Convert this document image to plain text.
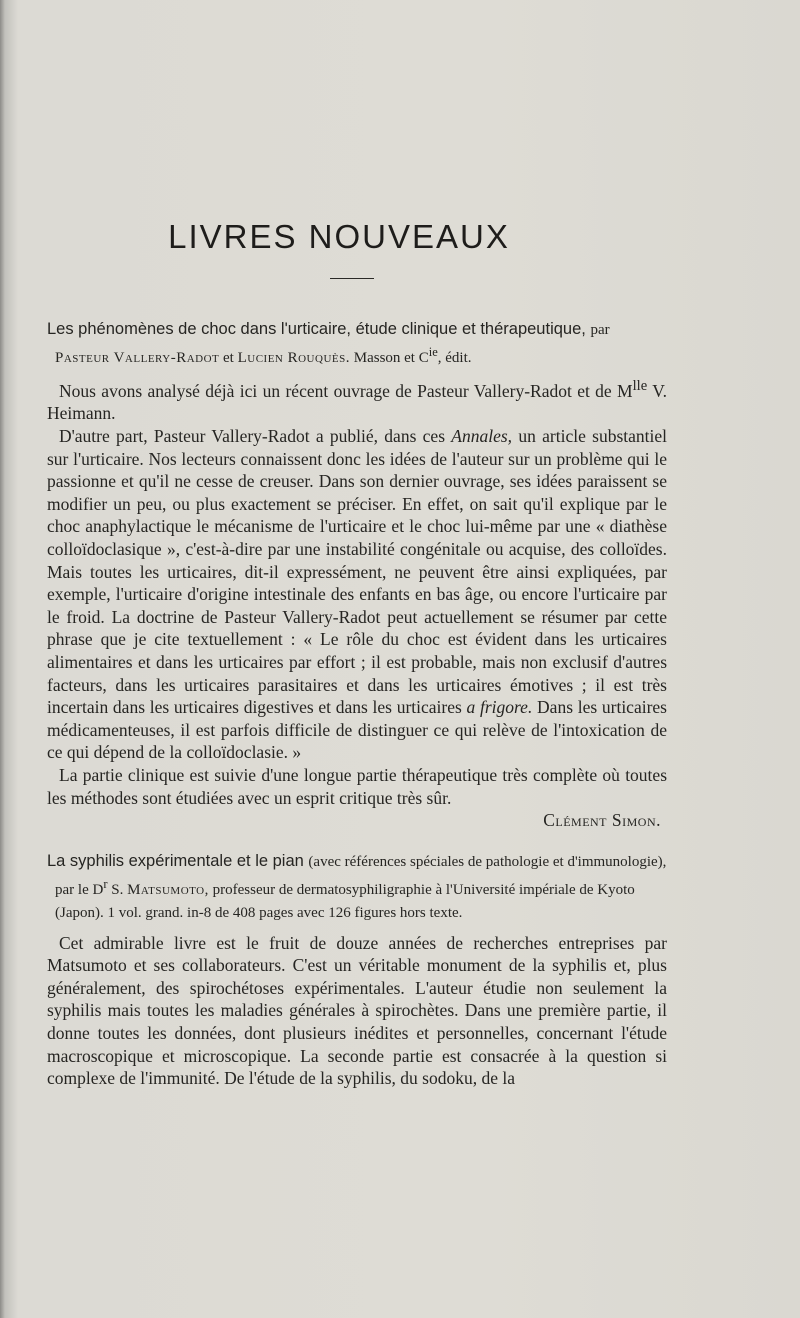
LIVRES NOUVEAUX
Les phénomènes de choc dans l'urticaire, étude clinique et thérapeutique, par Pasteur Vallery-Radot et Lucien Rouquès. Masson et $C^{ie}$, édit.

Nous avons analysé déjà ici un récent ouvrage de Pasteur Vallery-Radot et de $M^{lle}$ V. Heimann.

D'autre part, Pasteur Vallery-Radot a publié, dans ces Annales, un article substantiel sur l'urticaire. Nos lecteurs connaissent donc les idées de l'auteur sur un problème qui le passionne et qu'il ne cesse de creuser. Dans son dernier ouvrage, ses idées paraissent se modifier un peu, ou plus exactement se préciser. En effet, on sait qu'il explique par le choc anaphylactique le mécanisme de l'urticaire et le choc lui-même par une « diathèse colloïdoclasique », c'est-à-dire par une instabilité congénitale ou acquise, des colloïdes. Mais toutes les urticaires, dit-il expressément, ne peuvent être ainsi expliquées, par exemple, l'urticaire d'origine intestinale des enfants en bas âge, ou encore l'urticaire par le froid. La doctrine de Pasteur Vallery-Radot peut actuellement se résumer par cette phrase que je cite textuellement : « Le rôle du choc est évident dans les urticaires alimentaires et dans les urticaires par effort ; il est probable, mais non exclusif d'autres facteurs, dans les urticaires parasitaires et dans les urticaires émotives ; il est très incertain dans les urticaires digestives et dans les urticaires a frigore. Dans les urticaires médicamenteuses, il est parfois difficile de distinguer ce qui relève de l'intoxication de ce qui dépend de la colloïdoclasie. »

La partie clinique est suivie d'une longue partie thérapeutique très complète où toutes les méthodes sont étudiées avec un esprit critique très sûr.

Clément Simon.
La syphilis expérimentale et le pian (avec références spéciales de pathologie et d'immunologie), par le $D^r$ S. Matsumoto, professeur de dermatosyphiligraphie à l'Université impériale de Kyoto (Japon). 1 vol. grand. in-8 de 408 pages avec 126 figures hors texte.

Cet admirable livre est le fruit de douze années de recherches entreprises par Matsumoto et ses collaborateurs. C'est un véritable monument de la syphilis et, plus généralement, des spirochétoses expérimentales. L'auteur étudie non seulement la syphilis mais toutes les maladies générales à spirochètes. Dans une première partie, il donne toutes les données, dont plusieurs inédites et personnelles, concernant l'étude macroscopique et microscopique. La seconde partie est consacrée à la question si complexe de l'immunité. De l'étude de la syphilis, du sodoku, de la
